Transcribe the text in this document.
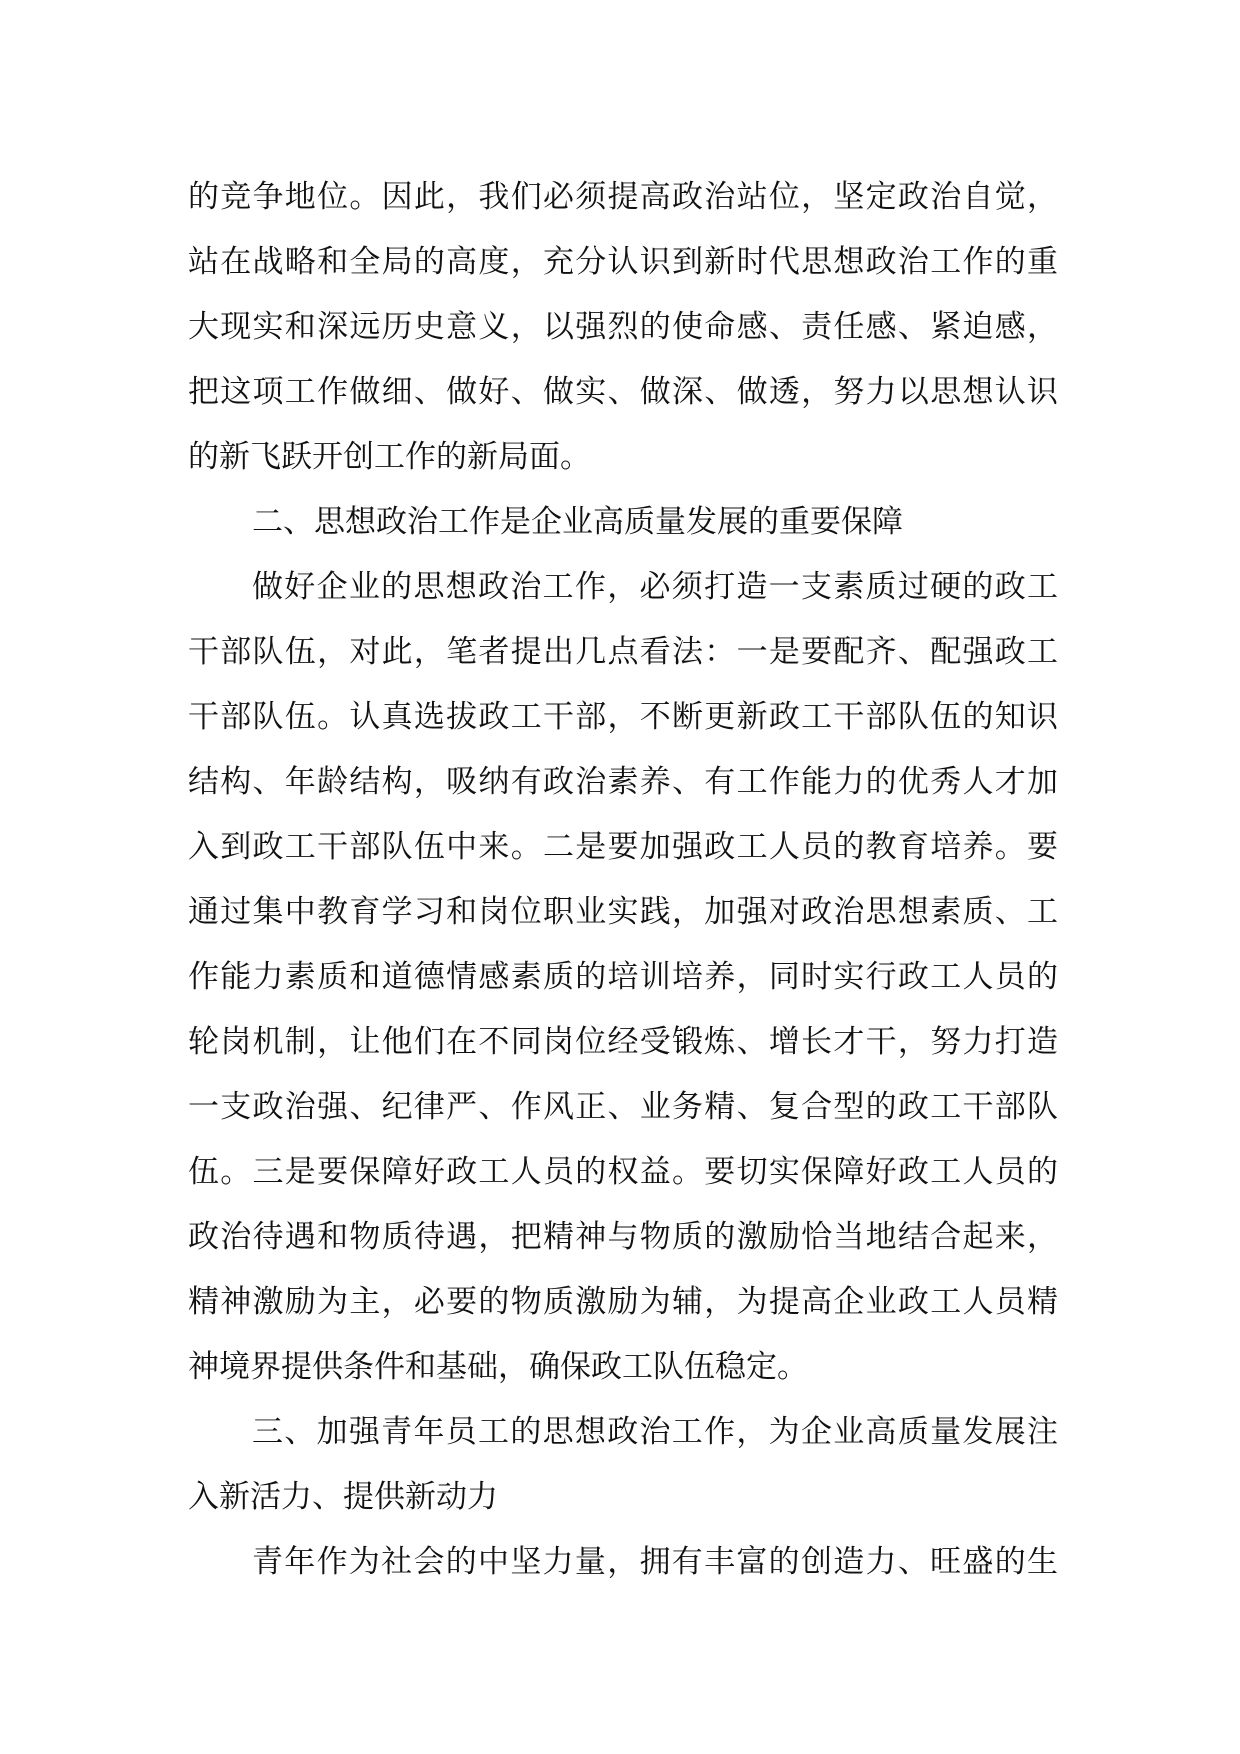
的竞争地位。因此，我们必须提高政治站位，坚定政治自觉，
站在战略和全局的高度，充分认识到新时代思想政治工作的重
大现实和深远历史意义，以强烈的使命感、责任感、紧迫感，
把这项工作做细、做好、做实、做深、做透，努力以思想认识
的新飞跃开创工作的新局面。
二、思想政治工作是企业高质量发展的重要保障
做好企业的思想政治工作，必须打造一支素质过硬的政工
干部队伍，对此，笔者提出几点看法：一是要配齐、配强政工
干部队伍。认真选拔政工干部，不断更新政工干部队伍的知识
结构、年龄结构，吸纳有政治素养、有工作能力的优秀人才加
入到政工干部队伍中来。二是要加强政工人员的教育培养。要
通过集中教育学习和岗位职业实践，加强对政治思想素质、工
作能力素质和道德情感素质的培训培养，同时实行政工人员的
轮岗机制，让他们在不同岗位经受锻炼、增长才干，努力打造
一支政治强、纪律严、作风正、业务精、复合型的政工干部队
伍。三是要保障好政工人员的权益。要切实保障好政工人员的
政治待遇和物质待遇，把精神与物质的激励恰当地结合起来，
精神激励为主，必要的物质激励为辅，为提高企业政工人员精
神境界提供条件和基础，确保政工队伍稳定。
三、加强青年员工的思想政治工作，为企业高质量发展注
入新活力、提供新动力
青年作为社会的中坚力量，拥有丰富的创造力、旺盛的生
